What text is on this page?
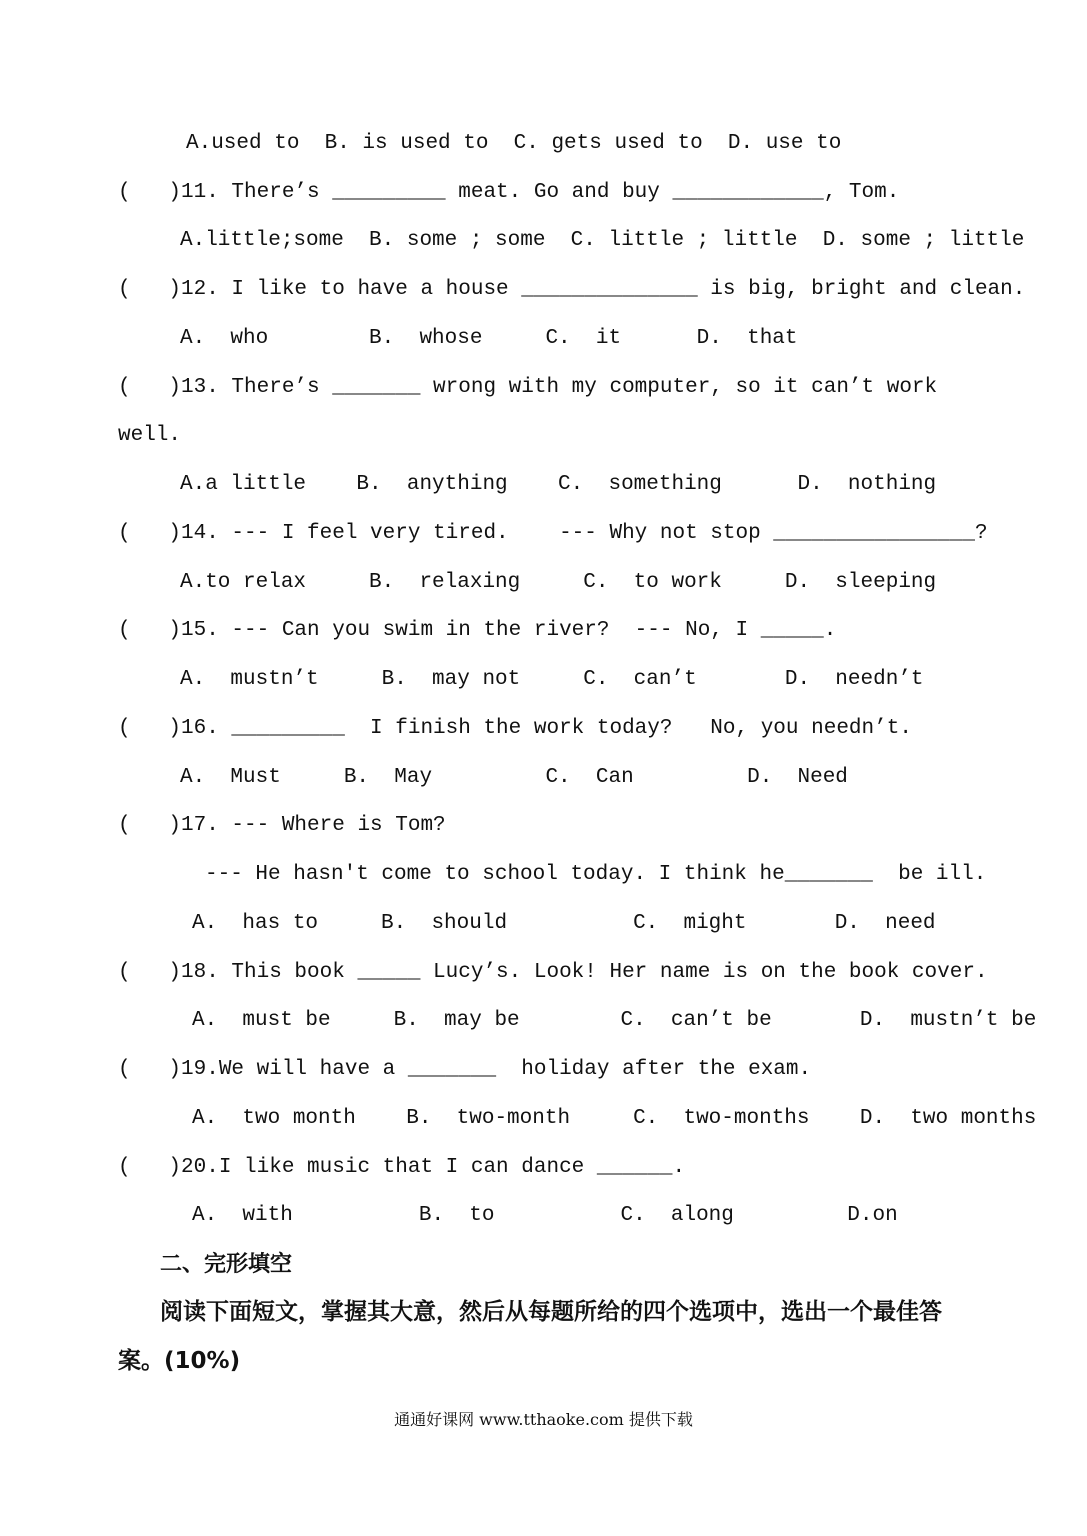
A.used to  B. is used to  C. gets used to  D. use to
(   )11. There’s _________ meat. Go and buy ____________, Tom.
A.little;some  B. some ; some  C. little ; little  D. some ; little
(   )12. I like to have a house ______________ is big, bright and clean.
A.  who        B.  whose     C.  it      D.  that
(   )13. There’s _______ wrong with my computer, so it can’t work
well.
A.a little    B.  anything    C.  something      D.  nothing
(   )14. --- I feel very tired.    --- Why not stop ________________?
A.to relax     B.  relaxing     C.  to work     D.  sleeping
(   )15. --- Can you swim in the river?  --- No, I _____.
A.  mustn’t     B.  may not     C.  can’t       D.  needn’t
(   )16. _________  I finish the work today?   No, you needn’t.
A.  Must     B.  May         C.  Can         D.  Need
(   )17. --- Where is Tom?
--- He hasn't come to school today. I think he_______  be ill.
A.  has to     B.  should          C.  might       D.  need
(   )18. This book _____ Lucy’s. Look! Her name is on the book cover.
A.  must be     B.  may be        C.  can’t be       D.  mustn’t be
(   )19.We will have a _______  holiday after the exam.
A.  two month    B.  two-month     C.  two-months    D.  two months
(   )20.I like music that I can dance ______.
A.  with          B.  to          C.  along         D.on
二、完形填空
阅读下面短文，掌握其大意，然后从每题所给的四个选项中，选出一个最佳答案。(10%)
通通好课网 www.tthaoke.com 提供下载
